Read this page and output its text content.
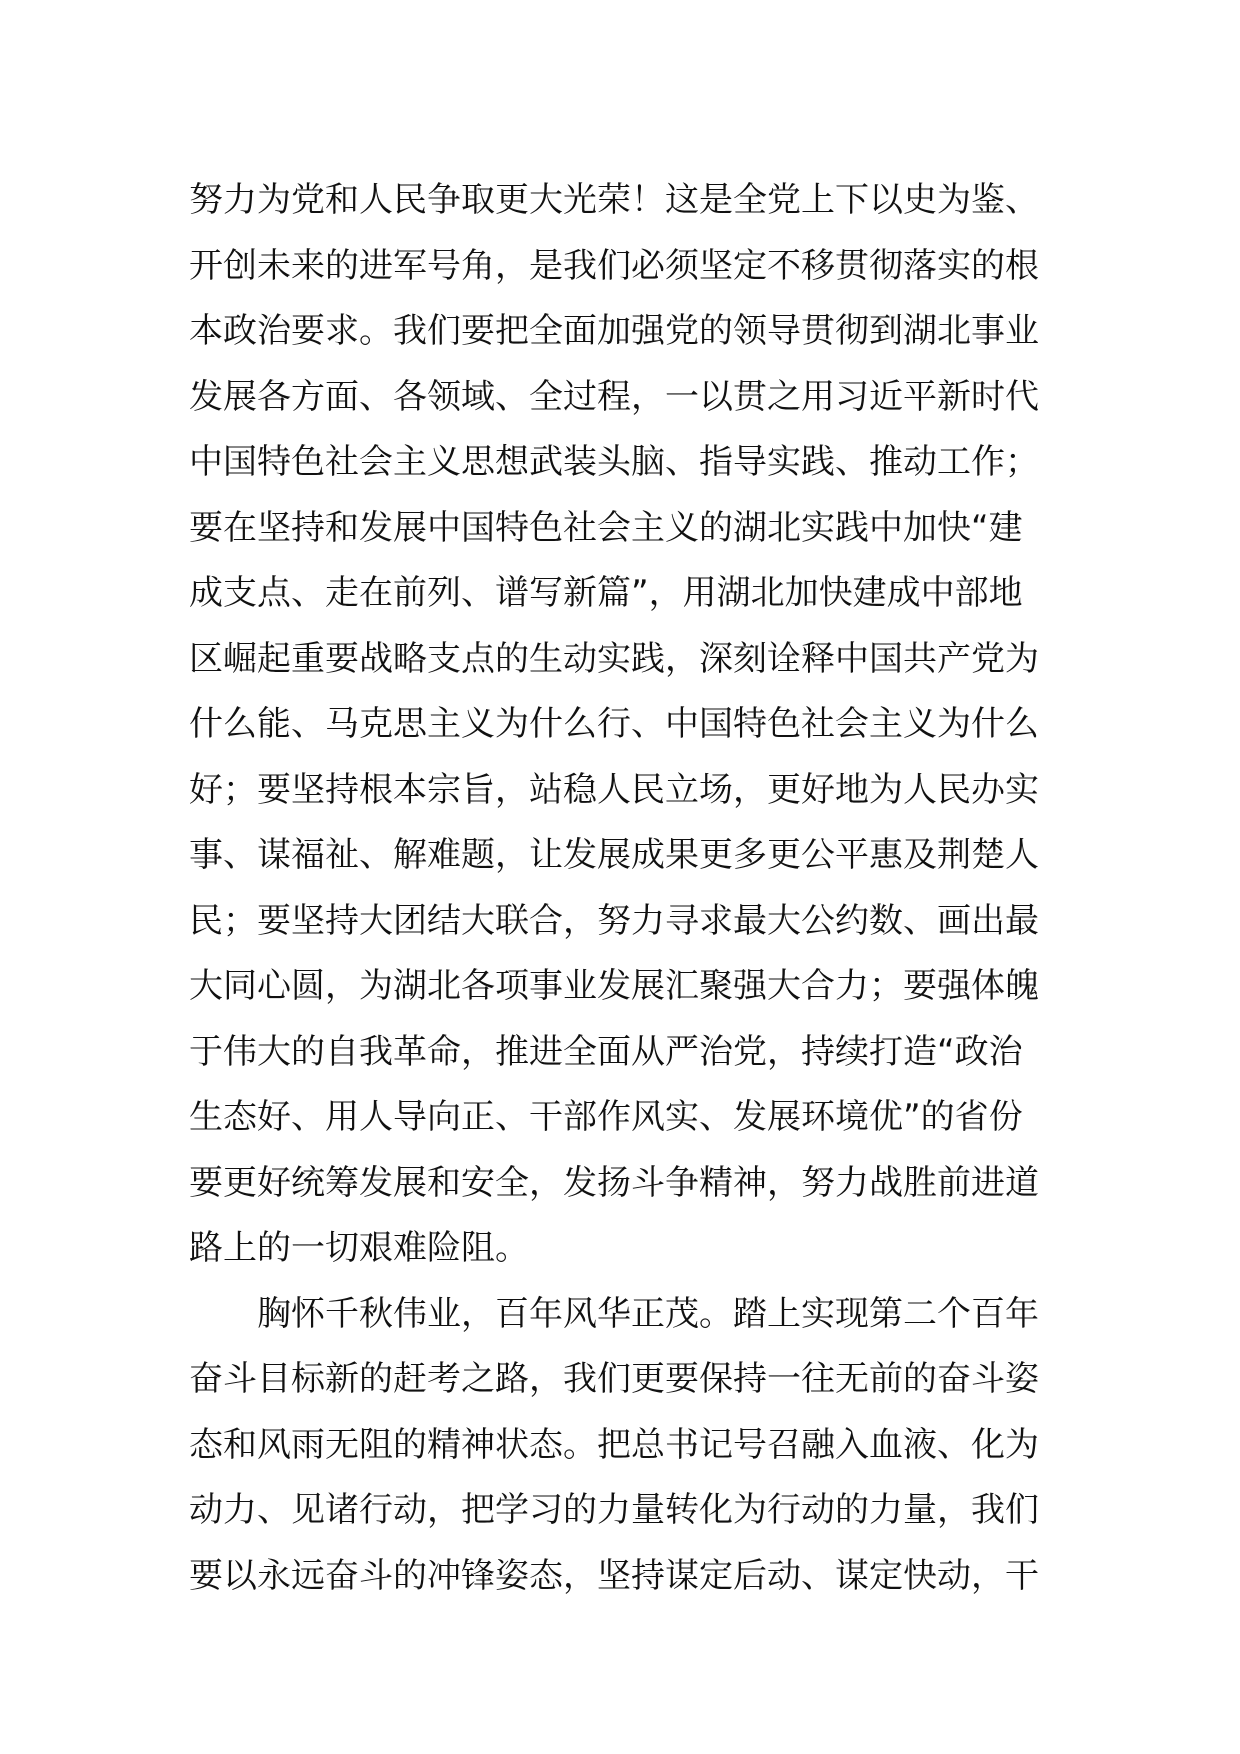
努力为党和人民争取更大光荣！这是全党上下以史为鉴、
开创未来的进军号角，是我们必须坚定不移贯彻落实的根
本政治要求。我们要把全面加强党的领导贯彻到湖北事业
发展各方面、各领域、全过程，一以贯之用习近平新时代
中国特色社会主义思想武装头脑、指导实践、推动工作；
要在坚持和发展中国特色社会主义的湖北实践中加快“建
成支点、走在前列、谱写新篇”，用湖北加快建成中部地
区崛起重要战略支点的生动实践，深刻诠释中国共产党为
什么能、马克思主义为什么行、中国特色社会主义为什么
好；要坚持根本宗旨，站稳人民立场，更好地为人民办实
事、谋福祉、解难题，让发展成果更多更公平惠及荆楚人
民；要坚持大团结大联合，努力寻求最大公约数、画出最
大同心圆，为湖北各项事业发展汇聚强大合力；要强体魄
于伟大的自我革命，推进全面从严治党，持续打造“政治
生态好、用人导向正、干部作风实、发展环境优”的省份
要更好统筹发展和安全，发扬斗争精神，努力战胜前进道
路上的一切艰难险阻。
胸怀千秋伟业，百年风华正茂。踏上实现第二个百年
奋斗目标新的赶考之路，我们更要保持一往无前的奋斗姿
态和风雨无阻的精神状态。把总书记号召融入血液、化为
动力、见诸行动，把学习的力量转化为行动的力量，我们
要以永远奋斗的冲锋姿态，坚持谋定后动、谋定快动，干
